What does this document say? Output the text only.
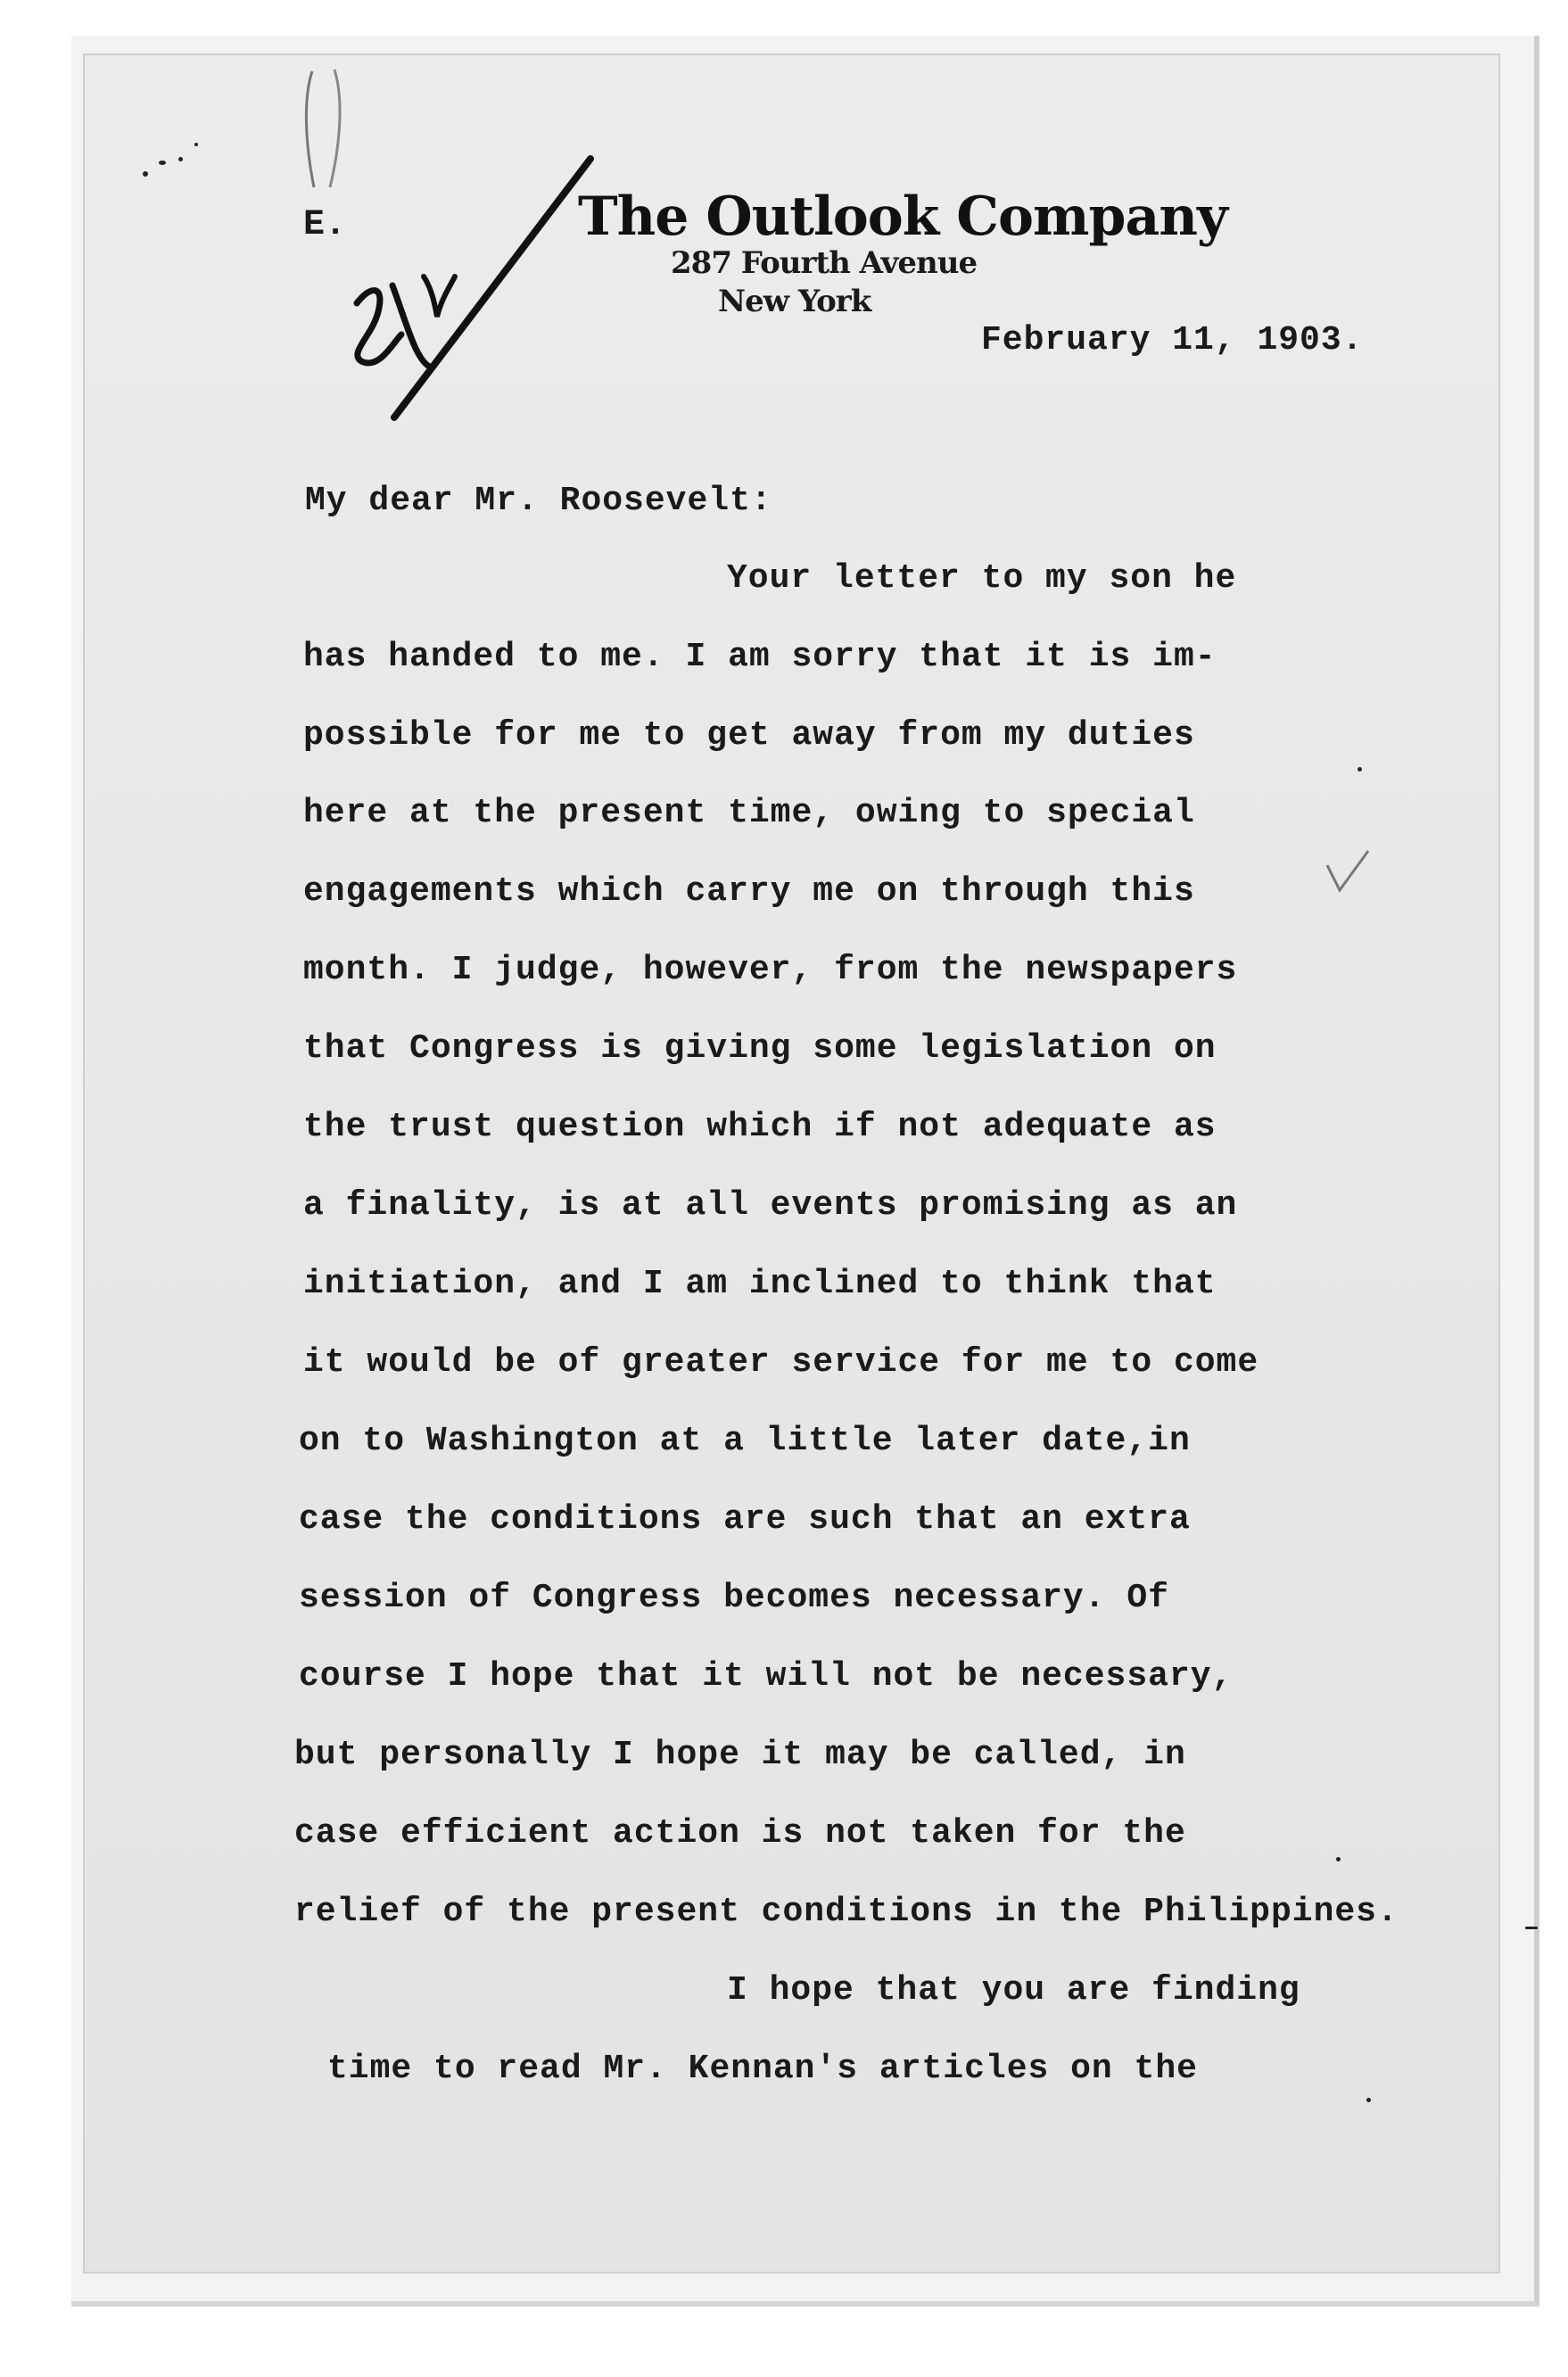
E.	The Outlook Company

287 Fourth Avenue

New York

February 11, 1903.

My dear Mr. Roosevelt:

Your letter to my son he

has handed to me. I am sorry that it is im-

possible for me to get away from my duties

here at the present time, owing to special

engagements which carry me on through this

month. I judge, however, from the newspapers

that Congress is giving some legislation on

the trust question which if not adequate as

a finality, is at all events promising as an

initiation, and I am inclined to think that

it would be of greater service for me to come

on to Washington at a little later date,in

case the conditions are such that an extra

session of Congress becomes necessary. Of

course I hope that it will not be necessary,

but personally I hope it may be called, in

case efficient action is not taken for the

relief of the present conditions in the Philippines.

I hope that you are finding

time to read Mr. Kennan's articles on the
